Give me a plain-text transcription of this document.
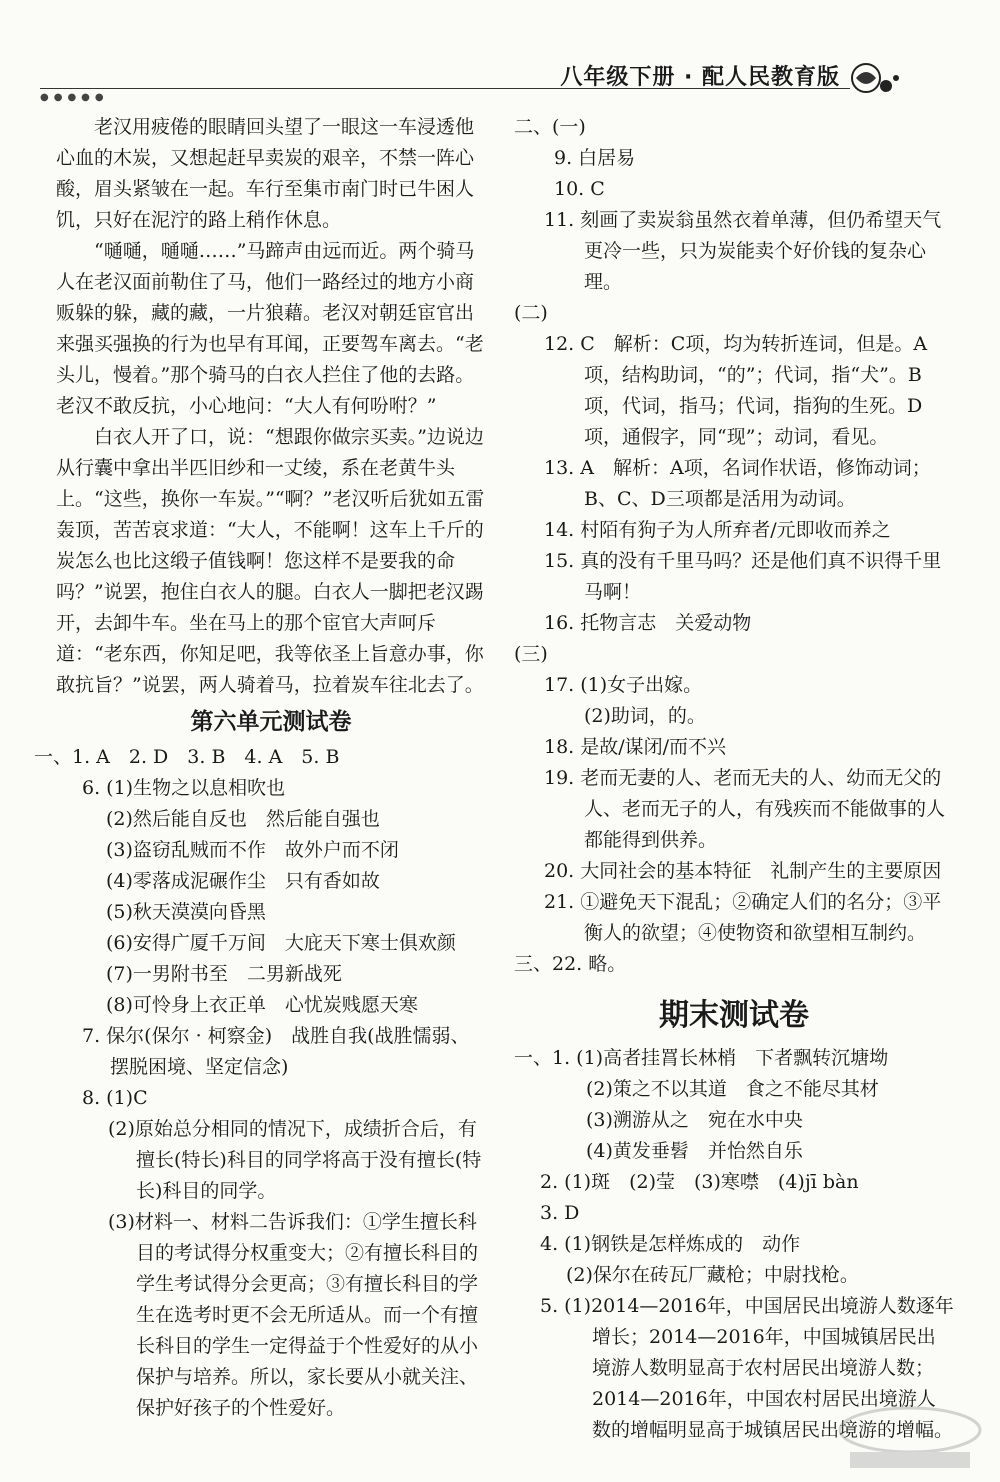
●●●●●
八年级下册 · 配人民教育版

老汉用疲倦的眼睛回头望了一眼这一车浸透他心血的木炭，又想起赶早卖炭的艰辛，不禁一阵心酸，眉头紧皱在一起。车行至集市南门时已牛困人饥，只好在泥泞的路上稍作休息。

“嗵嗵，嗵嗵……”马蹄声由远而近。两个骑马人在老汉面前勒住了马，他们一路经过的地方小商贩躲的躲，藏的藏，一片狼藉。老汉对朝廷宦官出来强买强换的行为也早有耳闻，正要驾车离去。“老头儿，慢着。”那个骑马的白衣人拦住了他的去路。老汉不敢反抗，小心地问：“大人有何吩咐？”

白衣人开了口，说：“想跟你做宗买卖。”边说边从行囊中拿出半匹旧纱和一丈绫，系在老黄牛头上。“这些，换你一车炭。”“啊？”老汉听后犹如五雷轰顶，苦苦哀求道：“大人，不能啊！这车上千斤的炭怎么也比这缎子值钱啊！您这样不是要我的命吗？”说罢，抱住白衣人的腿。白衣人一脚把老汉踢开，去卸牛车。坐在马上的那个宦官大声呵斥道：“老东西，你知足吧，我等依圣上旨意办事，你敢抗旨？”说罢，两人骑着马，拉着炭车往北去了。

第六单元测试卷

一、1. A　2. D　3. B　4. A　5. B

6. (1)生物之以息相吹也

(2)然后能自反也　然后能自强也

(3)盗窃乱贼而不作　故外户而不闭

(4)零落成泥碾作尘　只有香如故

(5)秋天漠漠向昏黑

(6)安得广厦千万间　大庇天下寒士俱欢颜

(7)一男附书至　二男新战死

(8)可怜身上衣正单　心忧炭贱愿天寒

7. 保尔(保尔 · 柯察金)　战胜自我(战胜懦弱、摆脱困境、坚定信念)

8. (1)C

(2)原始总分相同的情况下，成绩折合后，有擅长(特长)科目的同学将高于没有擅长(特长)科目的同学。

(3)材料一、材料二告诉我们：①学生擅长科目的考试得分权重变大；②有擅长科目的学生考试得分会更高；③有擅长科目的学生在选考时更不会无所适从。而一个有擅长科目的学生一定得益于个性爱好的从小保护与培养。所以，家长要从小就关注、保护好孩子的个性爱好。

二、(一)

9. 白居易

10. C

11. 刻画了卖炭翁虽然衣着单薄，但仍希望天气更冷一些，只为炭能卖个好价钱的复杂心理。

(二)

12. C　解析：C项，均为转折连词，但是。A项，结构助词，“的”；代词，指“犬”。B项，代词，指马；代词，指狗的生死。D项，通假字，同“现”；动词，看见。

13. A　解析：A项，名词作状语，修饰动词；B、C、D三项都是活用为动词。

14. 村陌有狗子为人所弃者/元即收而养之

15. 真的没有千里马吗？还是他们真不识得千里马啊！

16. 托物言志　关爱动物

(三)

17. (1)女子出嫁。

(2)助词，的。

18. 是故/谋闭/而不兴

19. 老而无妻的人、老而无夫的人、幼而无父的人、老而无子的人，有残疾而不能做事的人都能得到供养。

20. 大同社会的基本特征　礼制产生的主要原因

21. ①避免天下混乱；②确定人们的名分；③平衡人的欲望；④使物资和欲望相互制约。

三、22. 略。

期末测试卷

一、1. (1)高者挂罥长林梢　下者飘转沉塘坳

(2)策之不以其道　食之不能尽其材

(3)溯游从之　宛在水中央

(4)黄发垂髫　并怡然自乐

2. (1)斑　(2)莹　(3)寒噤　(4)jī bàn

3. D

4. (1)钢铁是怎样炼成的　动作

(2)保尔在砖瓦厂藏枪；中尉找枪。

5. (1)2014—2016年，中国居民出境游人数逐年增长；2014—2016年，中国城镇居民出境游人数明显高于农村居民出境游人数；2014—2016年，中国农村居民出境游人数的增幅明显高于城镇居民出境游的增幅。
